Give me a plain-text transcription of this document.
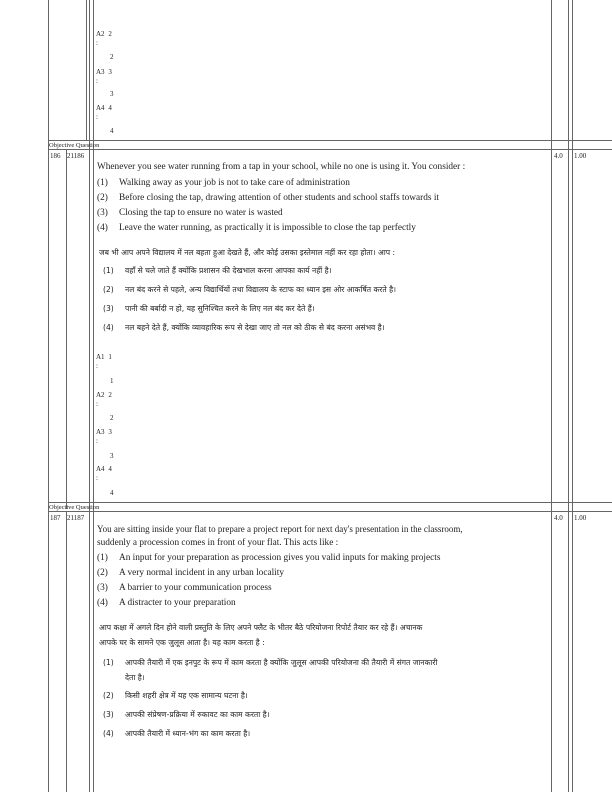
A2 2
:
2
A3 3
:
3
A4 4
:
4
Objective Question
186 21186	4.0 1.00
Whenever you see water running from a tap in your school, while no one is using it. You consider :
(1) Walking away as your job is not to take care of administration
(2) Before closing the tap, drawing attention of other students and school staffs towards it
(3) Closing the tap to ensure no water is wasted
(4) Leave the water running, as practically it is impossible to close the tap perfectly
जब भी आप अपने विद्यालय में नल बहता हुआ देखते हैं, और कोई उसका इस्तेमाल नहीं कर रहा होता। आप :
(1) वहाँ से चले जाते हैं क्योंकि प्रशासन की देखभाल करना आपका कार्य नहीं है।
(2) नल बंद करने से पहले, अन्य विद्यार्थियों तथा विद्यालय के स्टाफ का ध्यान इस ओर आकर्षित करते है।
(3) पानी की बर्बादी न हो, यह सुनिश्चित करने के लिए नल बंद कर देते हैं।
(4) नल बहने देते हैं, क्योंकि व्यावहारिक रूप से देखा जाए तो नल को ठीक से बंद करना असंभव है।
A1 1
:
1
A2 2
:
2
A3 3
:
3
A4 4
:
4
Objective Question
187 21187	4.0 1.00
You are sitting inside your flat to prepare a project report for next day's presentation in the classroom,
suddenly a procession comes in front of your flat. This acts like :
(1) An input for your preparation as procession gives you valid inputs for making projects
(2) A very normal incident in any urban locality
(3) A barrier to your communication process
(4) A distracter to your preparation
आप कक्षा में अगले दिन होने वाली प्रस्तुति के लिए अपने फ्लैट के भीतर बैठे परियोजना रिपोर्ट तैयार कर रहे हैं। अचानक
आपके घर के सामने एक जुलूस आता है। यह काम करता है :
(1) आपकी तैयारी में एक इनपुट के रूप में काम करता है क्योंकि जुलूस आपकी परियोजना की तैयारी में संगत जानकारी
देता है।
(2) किसी शहरी क्षेत्र में यह एक सामान्य घटना है।
(3) आपकी संप्रेषण-प्रक्रिया में रुकावट का काम करता है।
(4) आपकी तैयारी में ध्यान-भंग का काम करता है।
